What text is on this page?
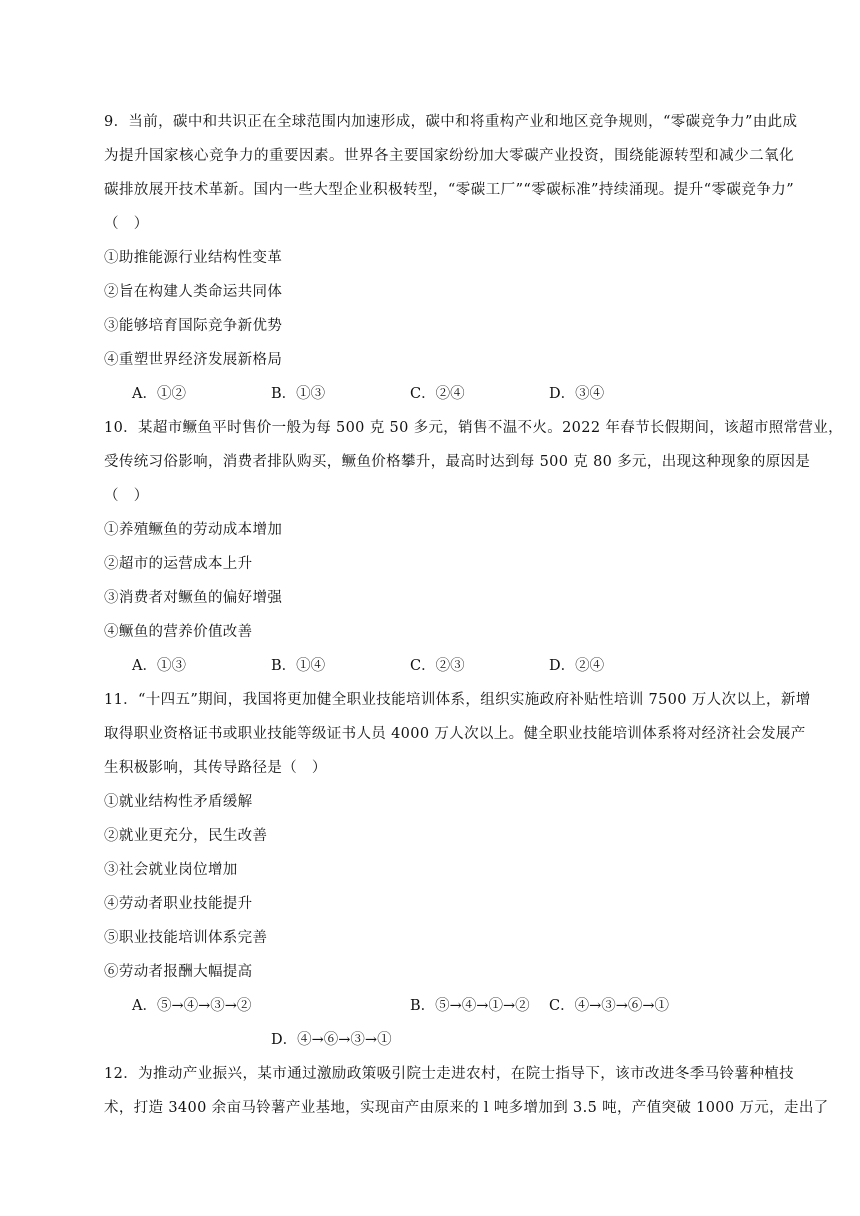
9．当前，碳中和共识正在全球范围内加速形成，碳中和将重构产业和地区竞争规则，“零碳竞争力”由此成
为提升国家核心竞争力的重要因素。世界各主要国家纷纷加大零碳产业投资，围绕能源转型和减少二氧化
碳排放展开技术革新。国内一些大型企业积极转型，“零碳工厂”“零碳标准”持续涌现。提升“零碳竞争力”
（　）
①助推能源行业结构性变革
②旨在构建人类命运共同体
③能够培育国际竞争新优势
④重塑世界经济发展新格局
A．①②	B．①③	C．②④	D．③④
10．某超市鳜鱼平时售价一般为每 500 克 50 多元，销售不温不火。2022 年春节长假期间，该超市照常营业，
受传统习俗影响，消费者排队购买，鳜鱼价格攀升，最高时达到每 500 克 80 多元，出现这种现象的原因是
（　）
①养殖鳜鱼的劳动成本增加
②超市的运营成本上升
③消费者对鳜鱼的偏好增强
④鳜鱼的营养价值改善
A．①③	B．①④	C．②③	D．②④
11．“十四五”期间，我国将更加健全职业技能培训体系，组织实施政府补贴性培训 7500 万人次以上，新增
取得职业资格证书或职业技能等级证书人员 4000 万人次以上。健全职业技能培训体系将对经济社会发展产
生积极影响，其传导路径是（　）
①就业结构性矛盾缓解
②就业更充分，民生改善
③社会就业岗位增加
④劳动者职业技能提升
⑤职业技能培训体系完善
⑥劳动者报酬大幅提高
A．⑤→④→③→②	B．⑤→④→①→② C．④→③→⑥→①
D．④→⑥→③→①
12．为推动产业振兴，某市通过激励政策吸引院士走进农村，在院士指导下，该市改进冬季马铃薯种植技
术，打造 3400 余亩马铃薯产业基地，实现亩产由原来的 l 吨多增加到 3.5 吨，产值突破 1000 万元，走出了
